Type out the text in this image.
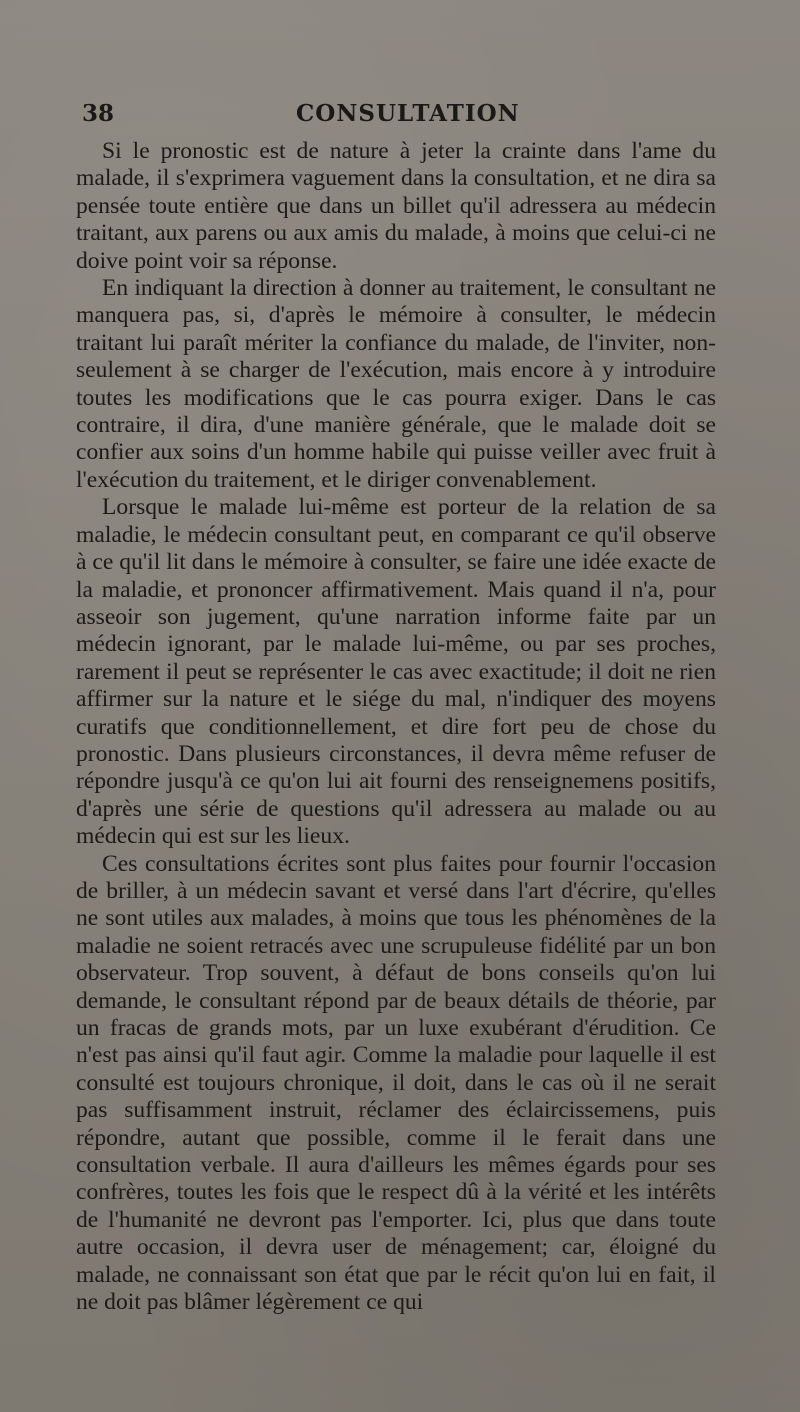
38	CONSULTATION

Si le pronostic est de nature à jeter la crainte dans l'ame du malade, il s'exprimera vaguement dans la consultation, et ne dira sa pensée toute entière que dans un billet qu'il adressera au médecin traitant, aux parens ou aux amis du malade, à moins que celui-ci ne doive point voir sa réponse.

En indiquant la direction à donner au traitement, le consultant ne manquera pas, si, d'après le mémoire à consulter, le médecin traitant lui paraît mériter la confiance du malade, de l'inviter, non-seulement à se charger de l'exécution, mais encore à y introduire toutes les modifications que le cas pourra exiger. Dans le cas contraire, il dira, d'une manière générale, que le malade doit se confier aux soins d'un homme habile qui puisse veiller avec fruit à l'exécution du traitement, et le diriger convenablement.

Lorsque le malade lui-même est porteur de la relation de sa maladie, le médecin consultant peut, en comparant ce qu'il observe à ce qu'il lit dans le mémoire à consulter, se faire une idée exacte de la maladie, et prononcer affirmativement. Mais quand il n'a, pour asseoir son jugement, qu'une narration informe faite par un médecin ignorant, par le malade lui-même, ou par ses proches, rarement il peut se représenter le cas avec exactitude; il doit ne rien affirmer sur la nature et le siége du mal, n'indiquer des moyens curatifs que conditionnellement, et dire fort peu de chose du pronostic. Dans plusieurs circonstances, il devra même refuser de répondre jusqu'à ce qu'on lui ait fourni des renseignemens positifs, d'après une série de questions qu'il adressera au malade ou au médecin qui est sur les lieux.

Ces consultations écrites sont plus faites pour fournir l'occasion de briller, à un médecin savant et versé dans l'art d'écrire, qu'elles ne sont utiles aux malades, à moins que tous les phénomènes de la maladie ne soient retracés avec une scrupuleuse fidélité par un bon observateur. Trop souvent, à défaut de bons conseils qu'on lui demande, le consultant répond par de beaux détails de théorie, par un fracas de grands mots, par un luxe exubérant d'érudition. Ce n'est pas ainsi qu'il faut agir. Comme la maladie pour laquelle il est consulté est toujours chronique, il doit, dans le cas où il ne serait pas suffisamment instruit, réclamer des éclaircissemens, puis répondre, autant que possible, comme il le ferait dans une consultation verbale. Il aura d'ailleurs les mêmes égards pour ses confrères, toutes les fois que le respect dû à la vérité et les intérêts de l'humanité ne devront pas l'emporter. Ici, plus que dans toute autre occasion, il devra user de ménagement; car, éloigné du malade, ne connaissant son état que par le récit qu'on lui en fait, il ne doit pas blâmer légèrement ce qui
